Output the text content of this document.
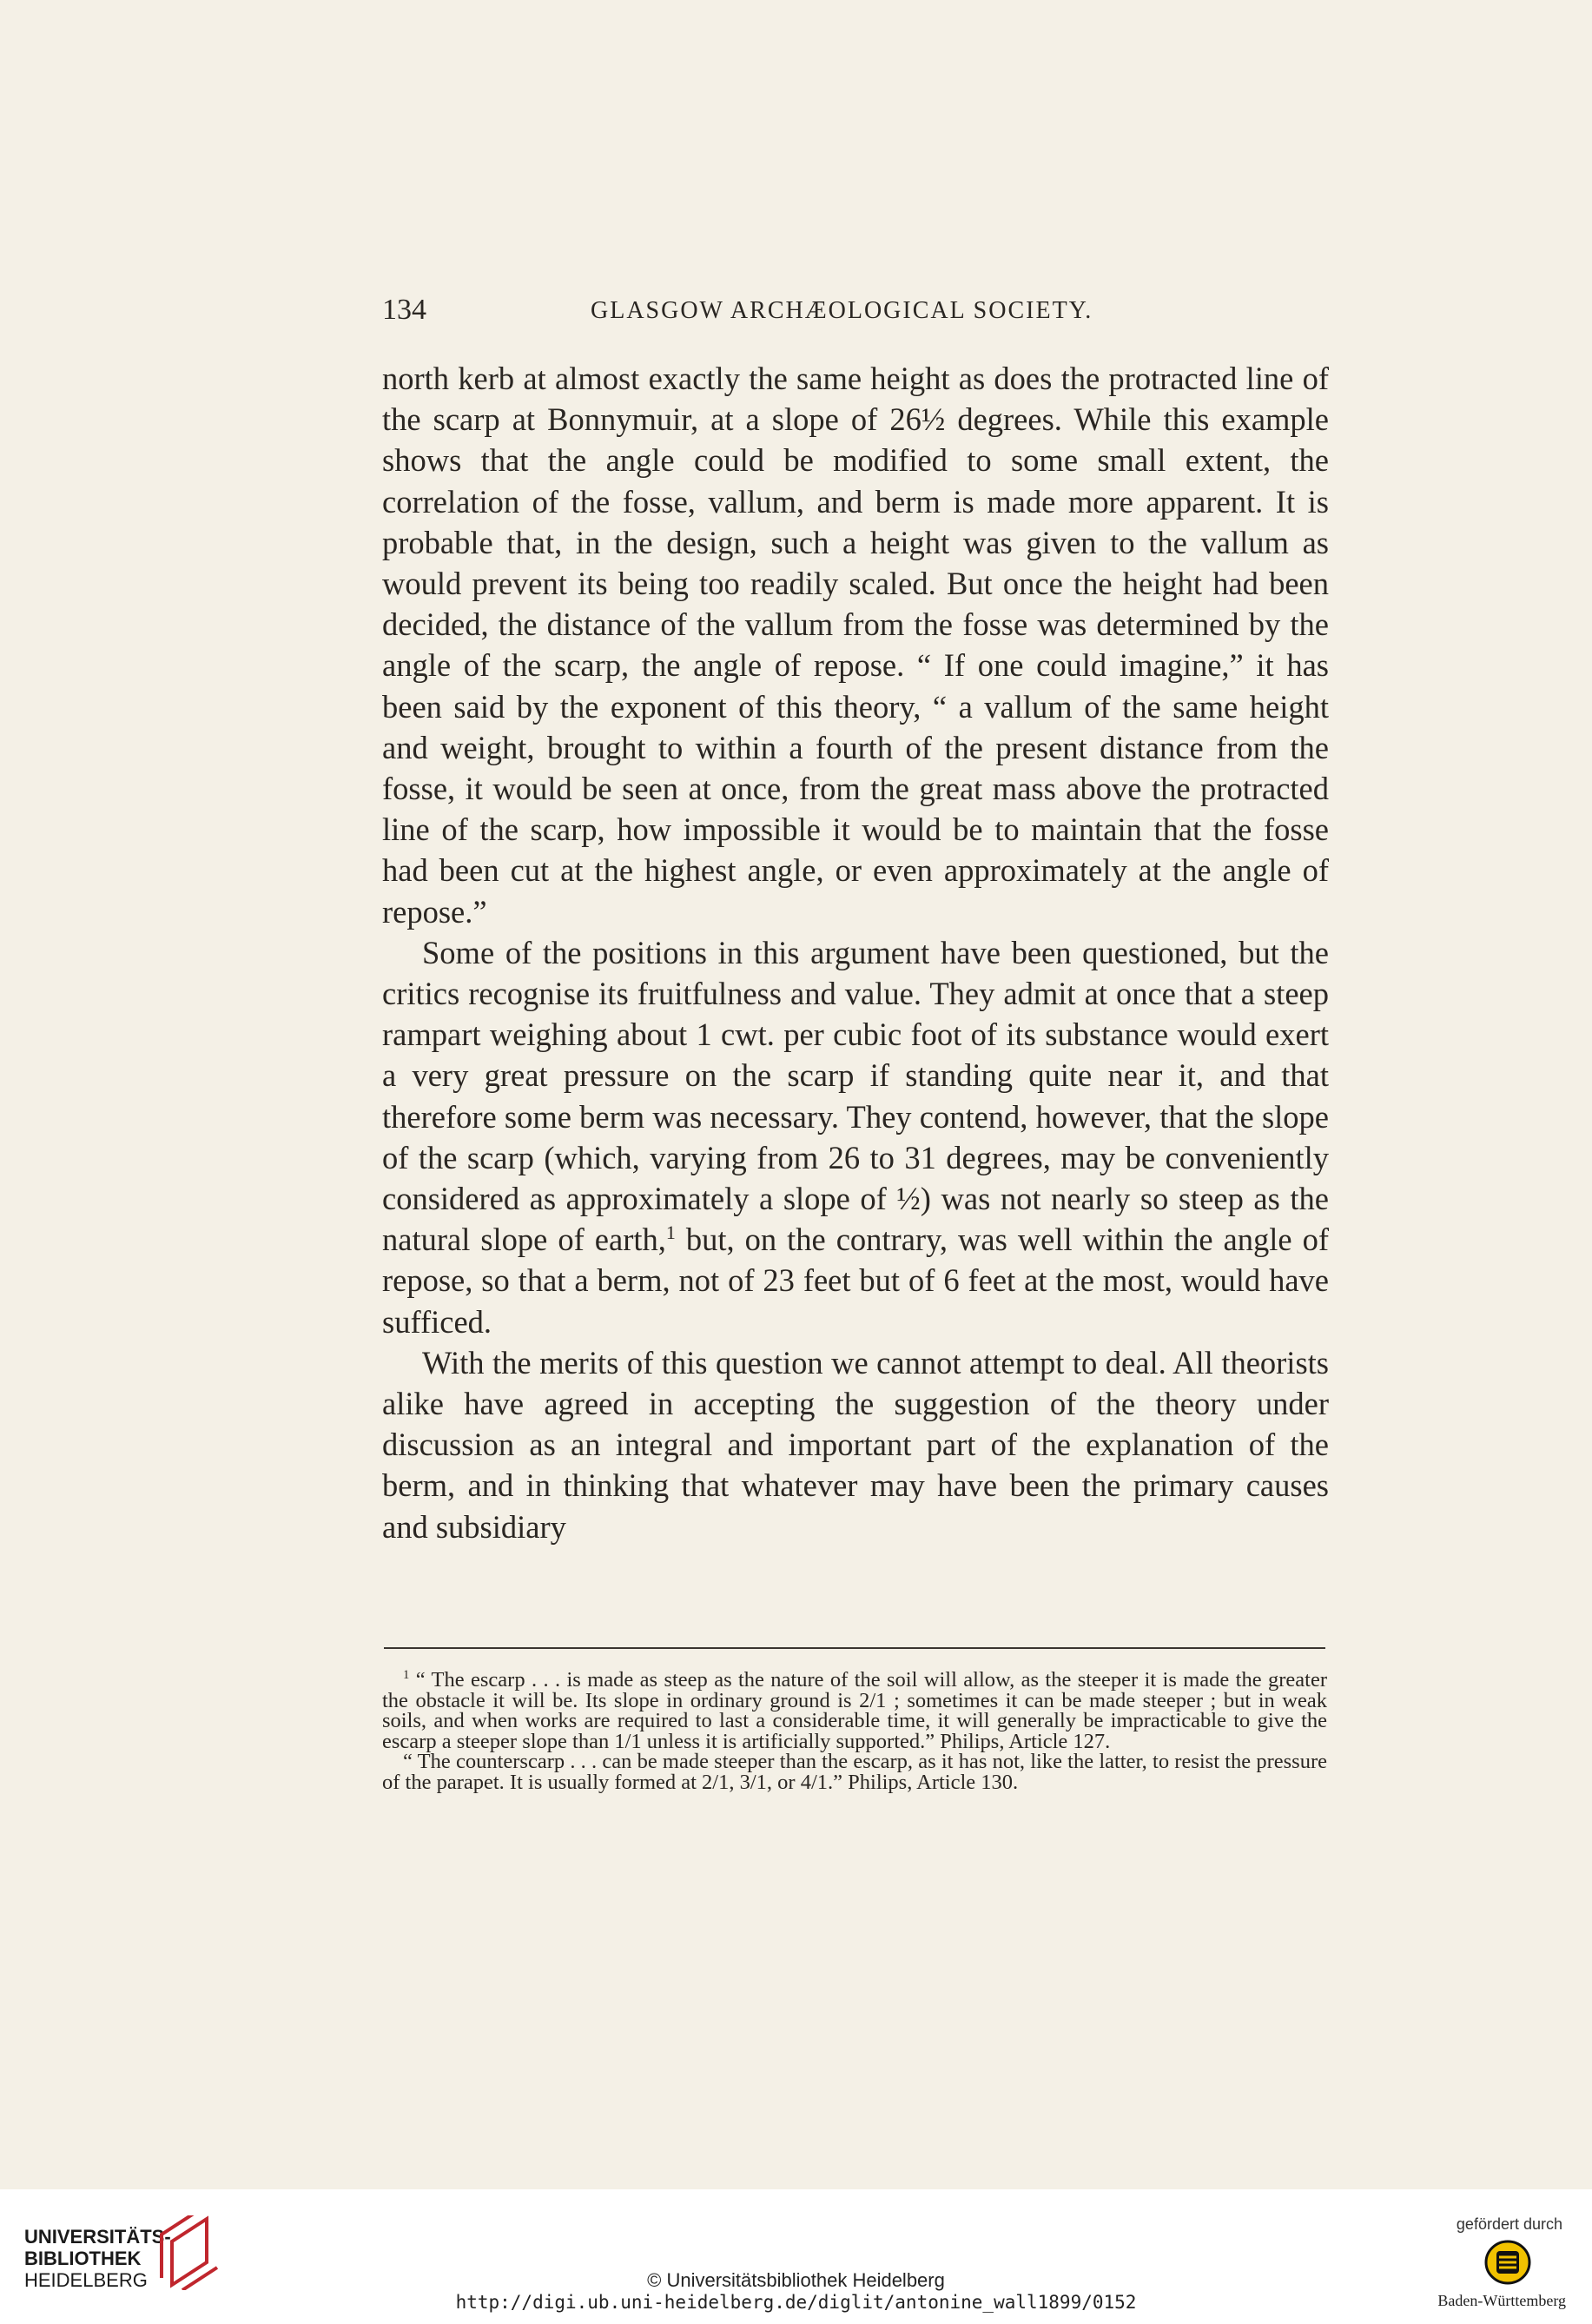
134	GLASGOW ARCHÆOLOGICAL SOCIETY.

north kerb at almost exactly the same height as does the protracted line of the scarp at Bonnymuir, at a slope of 26½ degrees. While this example shows that the angle could be modified to some small extent, the correlation of the fosse, vallum, and berm is made more apparent. It is probable that, in the design, such a height was given to the vallum as would prevent its being too readily scaled. But once the height had been decided, the distance of the vallum from the fosse was determined by the angle of the scarp, the angle of repose. “ If one could imagine,” it has been said by the exponent of this theory, “ a vallum of the same height and weight, brought to within a fourth of the present distance from the fosse, it would be seen at once, from the great mass above the protracted line of the scarp, how impossible it would be to maintain that the fosse had been cut at the highest angle, or even approximately at the angle of repose.”

Some of the positions in this argument have been questioned, but the critics recognise its fruitfulness and value. They admit at once that a steep rampart weighing about 1 cwt. per cubic foot of its substance would exert a very great pressure on the scarp if standing quite near it, and that therefore some berm was necessary. They contend, however, that the slope of the scarp (which, varying from 26 to 31 degrees, may be conveniently considered as approximately a slope of ½) was not nearly so steep as the natural slope of earth,$^1$ but, on the contrary, was well within the angle of repose, so that a berm, not of 23 feet but of 6 feet at the most, would have sufficed.

With the merits of this question we cannot attempt to deal. All theorists alike have agreed in accepting the suggestion of the theory under discussion as an integral and important part of the explanation of the berm, and in thinking that whatever may have been the primary causes and subsidiary

$^1$ “ The escarp . . . is made as steep as the nature of the soil will allow, as the steeper it is made the greater the obstacle it will be. Its slope in ordinary ground is 2/1 ; sometimes it can be made steeper ; but in weak soils, and when works are required to last a considerable time, it will generally be impracticable to give the escarp a steeper slope than 1/1 unless it is artificially supported.” Philips, Article 127.

“ The counterscarp . . . can be made steeper than the escarp, as it has not, like the latter, to resist the pressure of the parapet. It is usually formed at 2/1, 3/1, or 4/1.” Philips, Article 130.

UNIVERSITÄTS-
BIBLIOTHEK
HEIDELBERG	© Universitätsbibliothek Heidelberg
http://digi.ub.uni-heidelberg.de/diglit/antonine_wall1899/0152
gefördert durch
Baden-Württemberg
